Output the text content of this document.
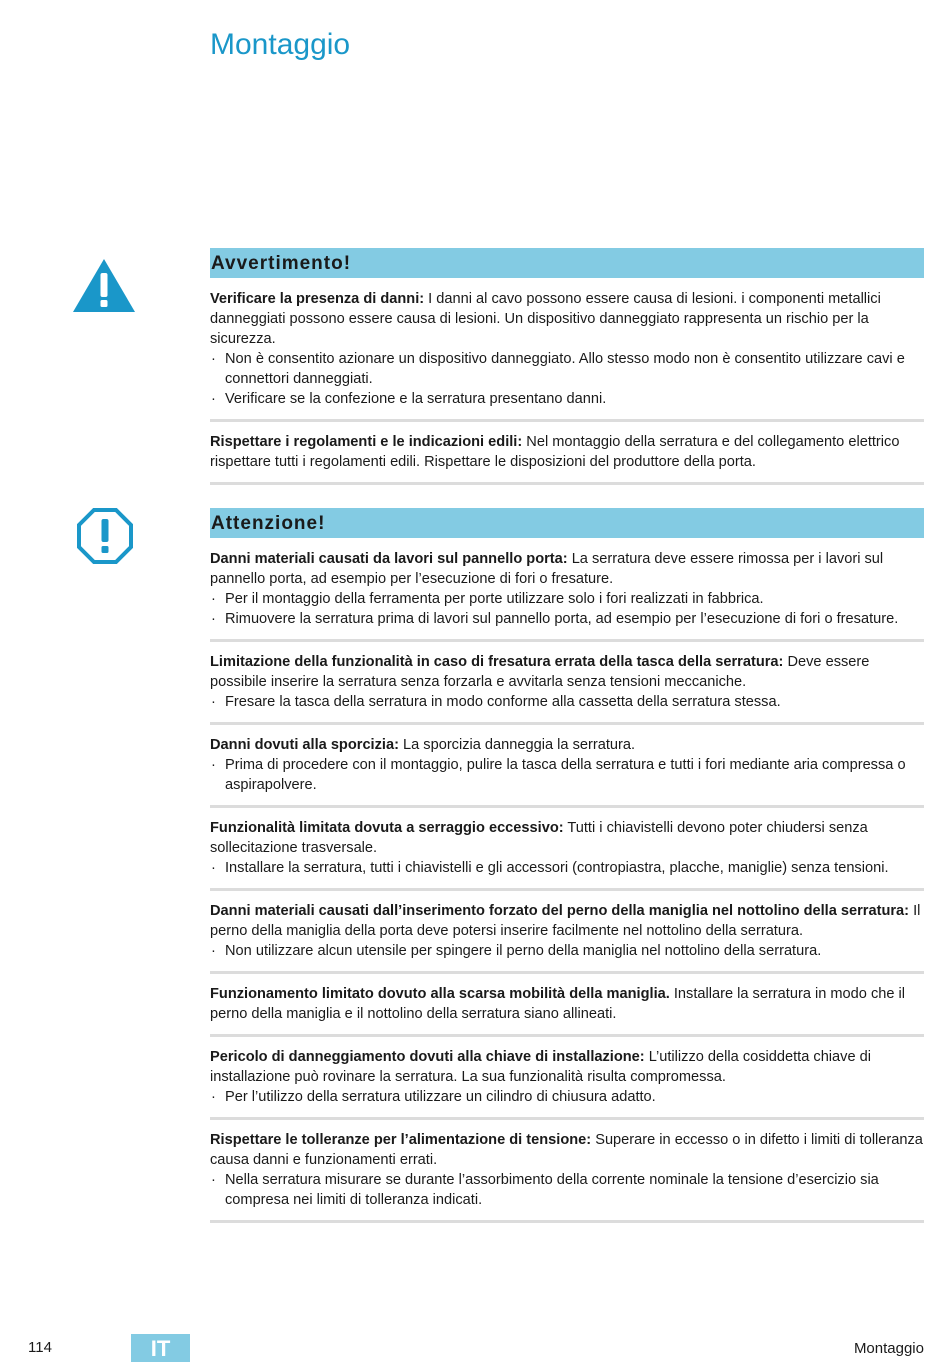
Montaggio
Avvertimento!

Verificare la presenza di danni: I danni al cavo possono essere causa di lesioni. i componenti metallici danneggiati possono essere causa di lesioni. Un dispositivo danneggiato rappresenta un rischio per la sicurezza.

· Non è consentito azionare un dispositivo danneggiato. Allo stesso modo non è consentito utilizzare cavi e connettori danneggiati.
· Verificare se la confezione e la serratura presentano danni.

Rispettare i regolamenti e le indicazioni edili: Nel montaggio della serratura e del collegamento elettrico rispettare tutti i regolamenti edili. Rispettare le disposizioni del produttore della porta.

Attenzione!

Danni materiali causati da lavori sul pannello porta: La serratura deve essere rimossa per i lavori sul pannello porta, ad esempio per l’esecuzione di fori o fresature.

· Per il montaggio della ferramenta per porte utilizzare solo i fori realizzati in fabbrica.
· Rimuovere la serratura prima di lavori sul pannello porta, ad esempio per l’esecuzione di fori o fresature.

Limitazione della funzionalità in caso di fresatura errata della tasca della serratura: Deve essere possibile inserire la serratura senza forzarla e avvitarla senza tensioni meccaniche.

· Fresare la tasca della serratura in modo conforme alla cassetta della serratura stessa.

Danni dovuti alla sporcizia: La sporcizia danneggia la serratura.

· Prima di procedere con il montaggio, pulire la tasca della serratura e tutti i fori mediante aria compressa o aspirapolvere.

Funzionalità limitata dovuta a serraggio eccessivo: Tutti i chiavistelli devono poter chiudersi senza sollecitazione trasversale.

· Installare la serratura, tutti i chiavistelli e gli accessori (contropiastra, placche, maniglie) senza tensioni.

Danni materiali causati dall’inserimento forzato del perno della maniglia nel nottolino della serratura: Il perno della maniglia della porta deve potersi inserire facilmente nel nottolino della serratura.

· Non utilizzare alcun utensile per spingere il perno della maniglia nel nottolino della serratura.

Funzionamento limitato dovuto alla scarsa mobilità della maniglia. Installare la serratura in modo che il perno della maniglia e il nottolino della serratura siano allineati.

Pericolo di danneggiamento dovuti alla chiave di installazione: L’utilizzo della cosiddetta chiave di installazione può rovinare la serratura. La sua funzionalità risulta compromessa.

· Per l’utilizzo della serratura utilizzare un cilindro di chiusura adatto.

Rispettare le tolleranze per l’alimentazione di tensione: Superare in eccesso o in difetto i limiti di tolleranza causa danni e funzionamenti errati.

· Nella serratura misurare se durante l’assorbimento della corrente nominale la tensione d’esercizio sia compresa nei limiti di tolleranza indicati.
114	IT	Montaggio
